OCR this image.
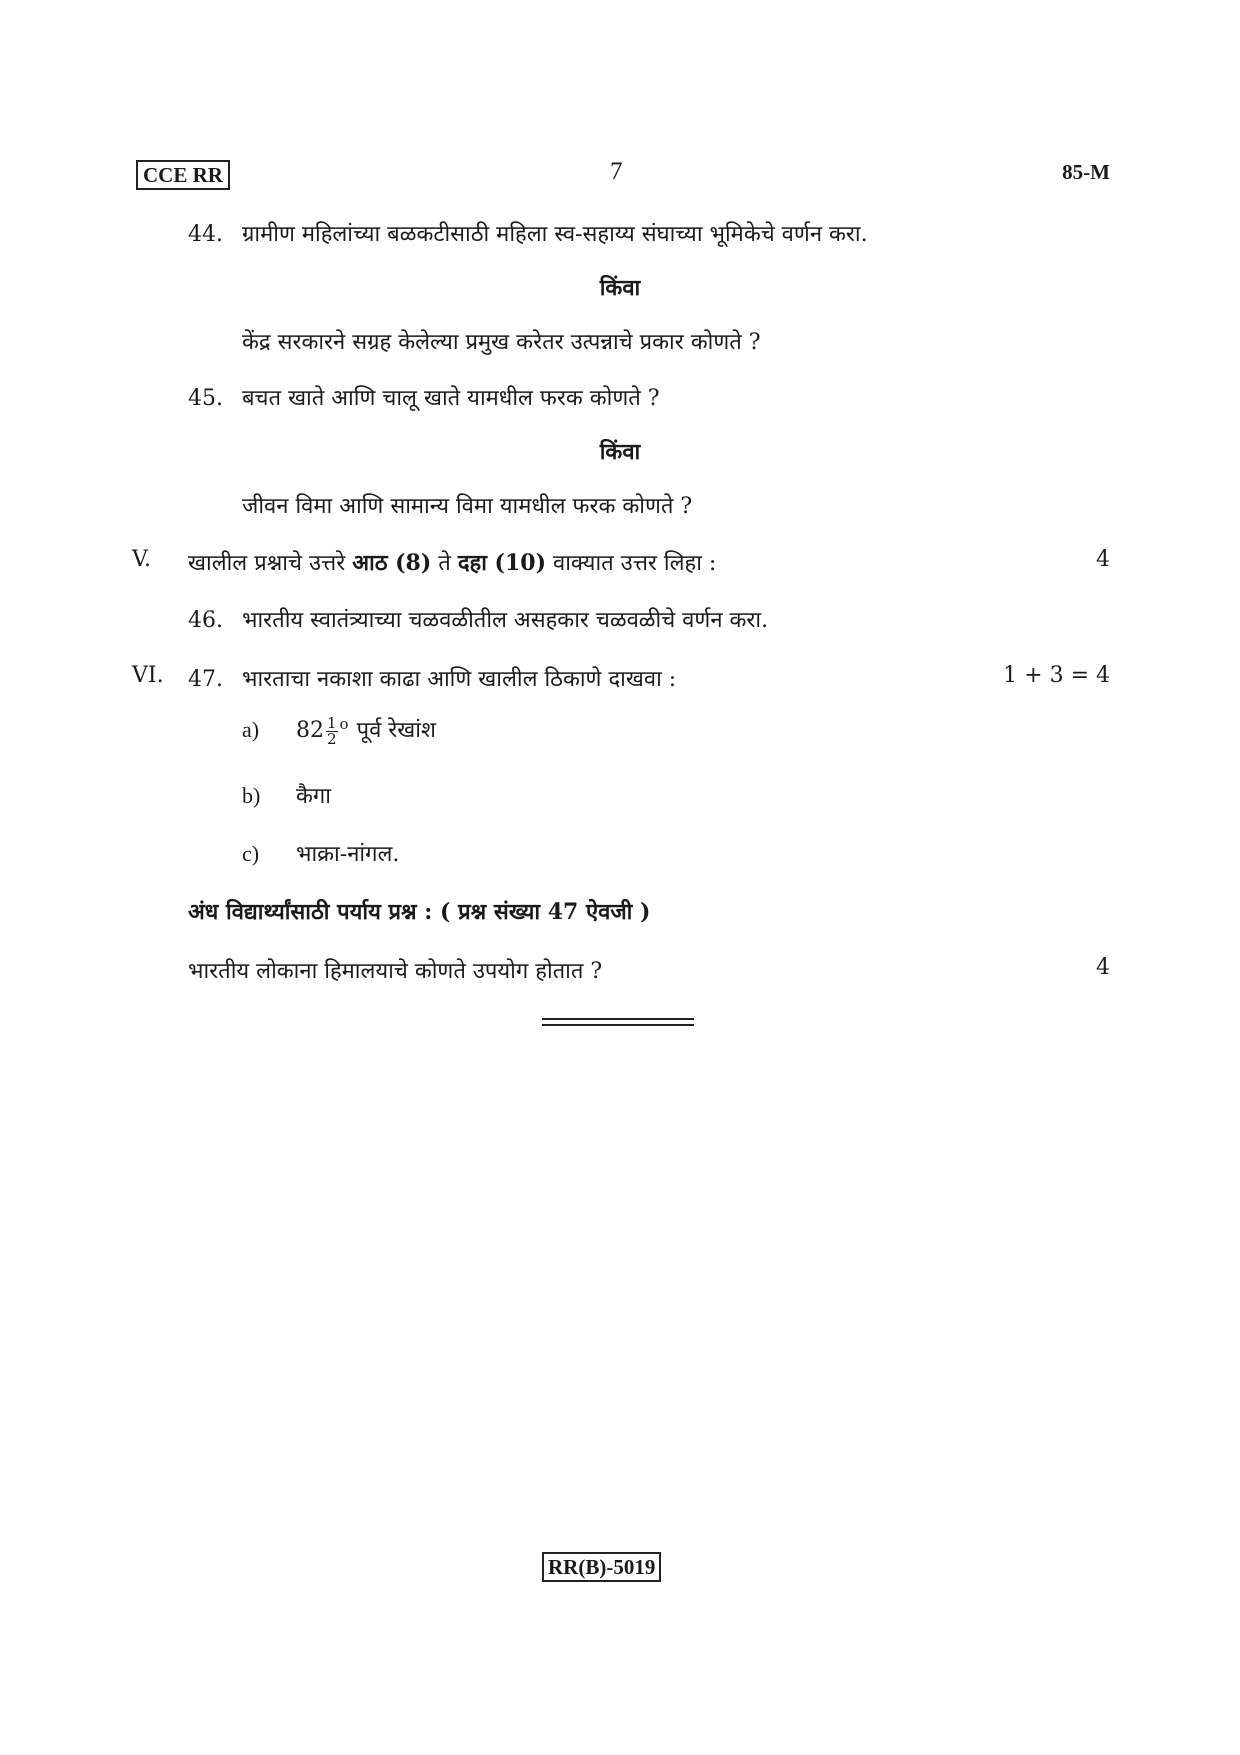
CCE RR	7	85-M
44. ग्रामीण महिलांच्या बळकटीसाठी महिला स्व-सहाय्य संघाच्या भूमिकेचे वर्णन करा.
किंवा
केंद्र सरकारने सग्रह केलेल्या प्रमुख करेतर उत्पन्नाचे प्रकार कोणते ?
45. बचत खाते आणि चालू खाते यामधील फरक कोणते ?
किंवा
जीवन विमा आणि सामान्य विमा यामधील फरक कोणते ?
V. खालील प्रश्नाचे उत्तरे आठ (8) ते दहा (10) वाक्यात उत्तर लिहा :	4
46. भारतीय स्वातंत्र्याच्या चळवळीतील असहकार चळवळीचे वर्णन करा.
VI. 47. भारताचा नकाशा काढा आणि खालील ठिकाणे दाखवा :	1 + 3 = 4
a) $82 \frac{1}{2} ^o$ पूर्व रेखांश
b) कैगा
c) भाक्रा-नांगल.
अंध विद्यार्थ्यांसाठी पर्याय प्रश्न : ( प्रश्न संख्या 47 ऐवजी )
भारतीय लोकाना हिमालयाचे कोणते उपयोग होतात ?	4
RR(B)-5019
